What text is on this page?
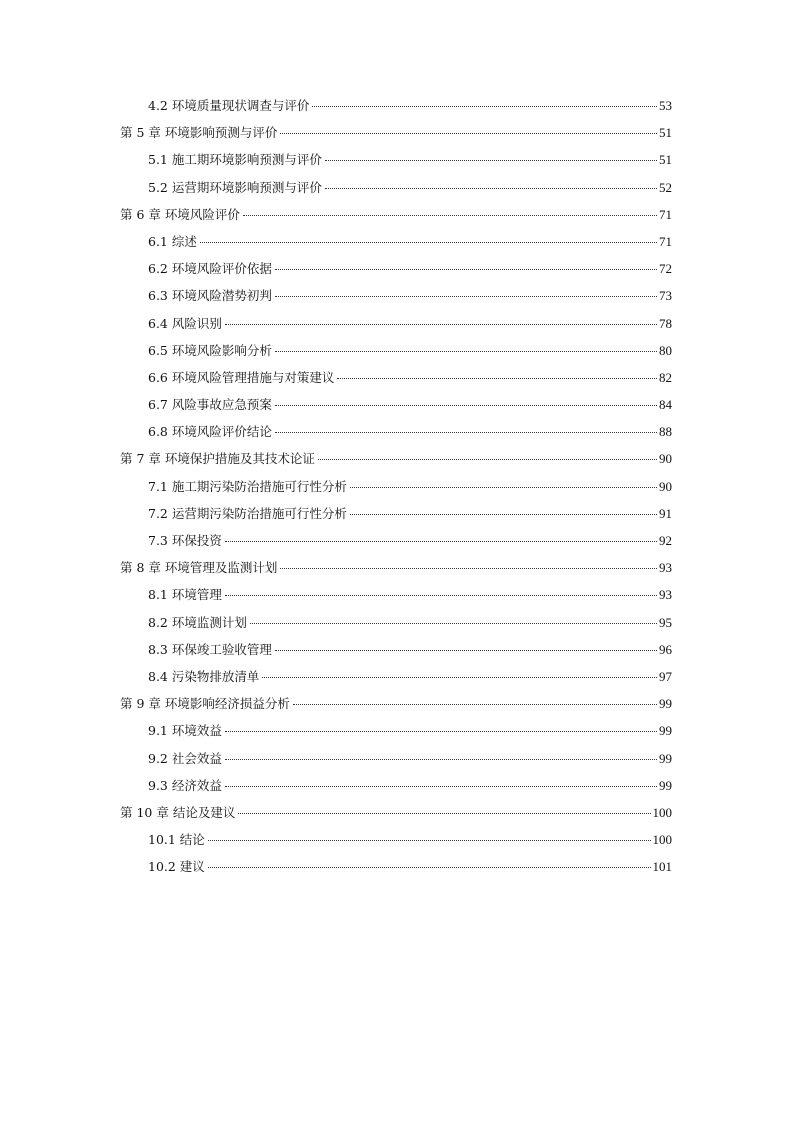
4.2 环境质量现状调查与评价	53
第 5 章 环境影响预测与评价	51
5.1 施工期环境影响预测与评价	51
5.2 运营期环境影响预测与评价	52
第 6 章 环境风险评价	71
6.1 综述	71
6.2 环境风险评价依据	72
6.3 环境风险潜势初判	73
6.4 风险识别	78
6.5 环境风险影响分析	80
6.6 环境风险管理措施与对策建议	82
6.7 风险事故应急预案	84
6.8 环境风险评价结论	88
第 7 章 环境保护措施及其技术论证	90
7.1 施工期污染防治措施可行性分析	90
7.2 运营期污染防治措施可行性分析	91
7.3 环保投资	92
第 8 章 环境管理及监测计划	93
8.1 环境管理	93
8.2 环境监测计划	95
8.3 环保竣工验收管理	96
8.4 污染物排放清单	97
第 9 章 环境影响经济损益分析	99
9.1 环境效益	99
9.2 社会效益	99
9.3 经济效益	99
第 10 章 结论及建议	100
10.1 结论	100
10.2 建议	101
